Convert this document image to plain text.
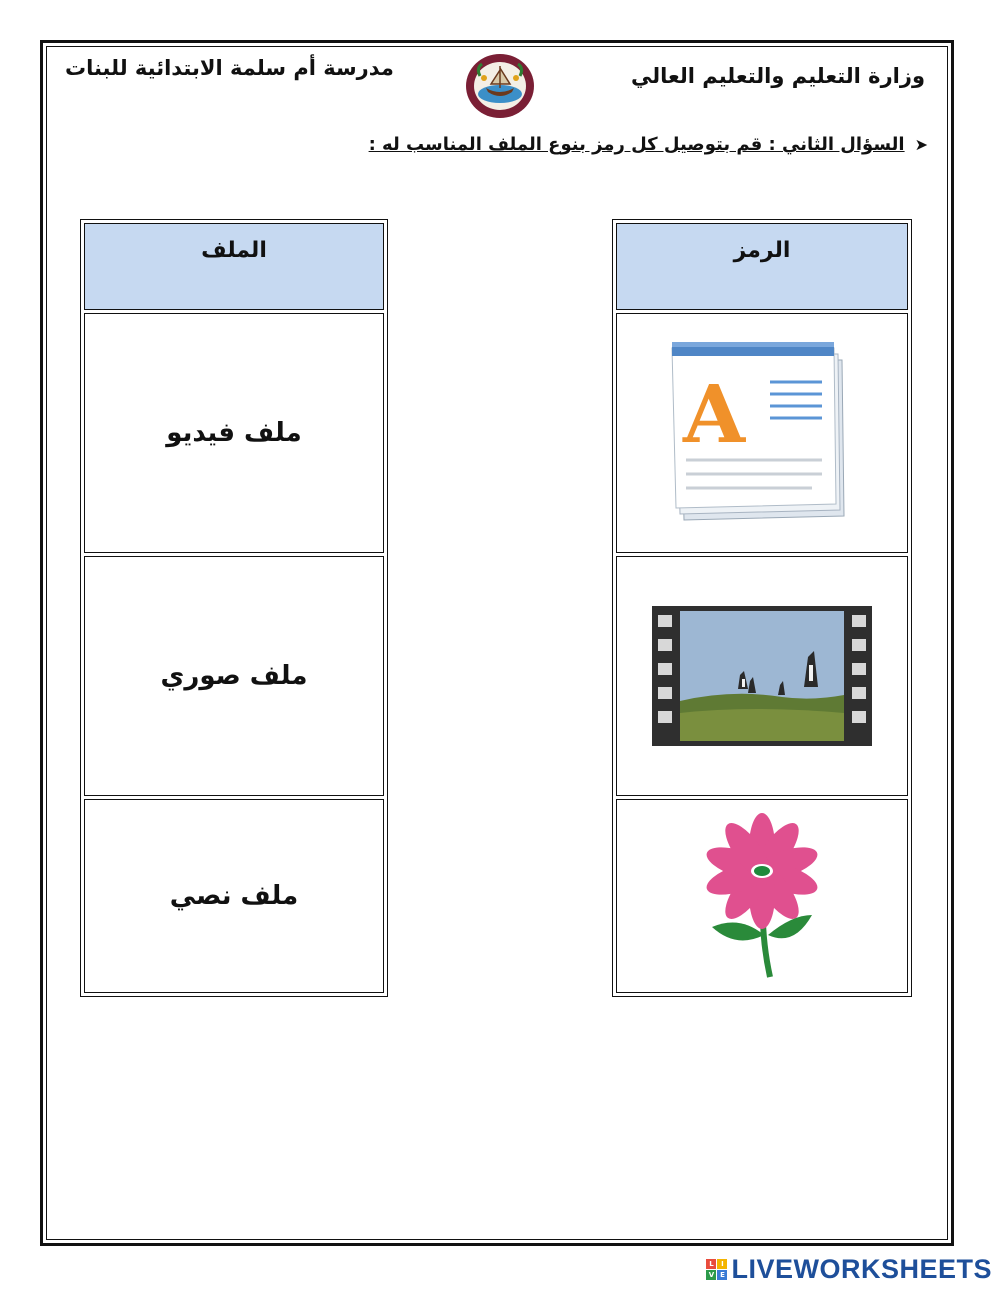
وزارة التعليم والتعليم العالي
مدرسة أم سلمة الابتدائية للبنات
➤
السؤال الثاني : قم بتوصيل كل رمز بنوع الملف المناسب له :
الملف
ملف فيديو
ملف صوري
ملف نصي
الرمز
A
L	I
V E LIVEWORKSHEETS
